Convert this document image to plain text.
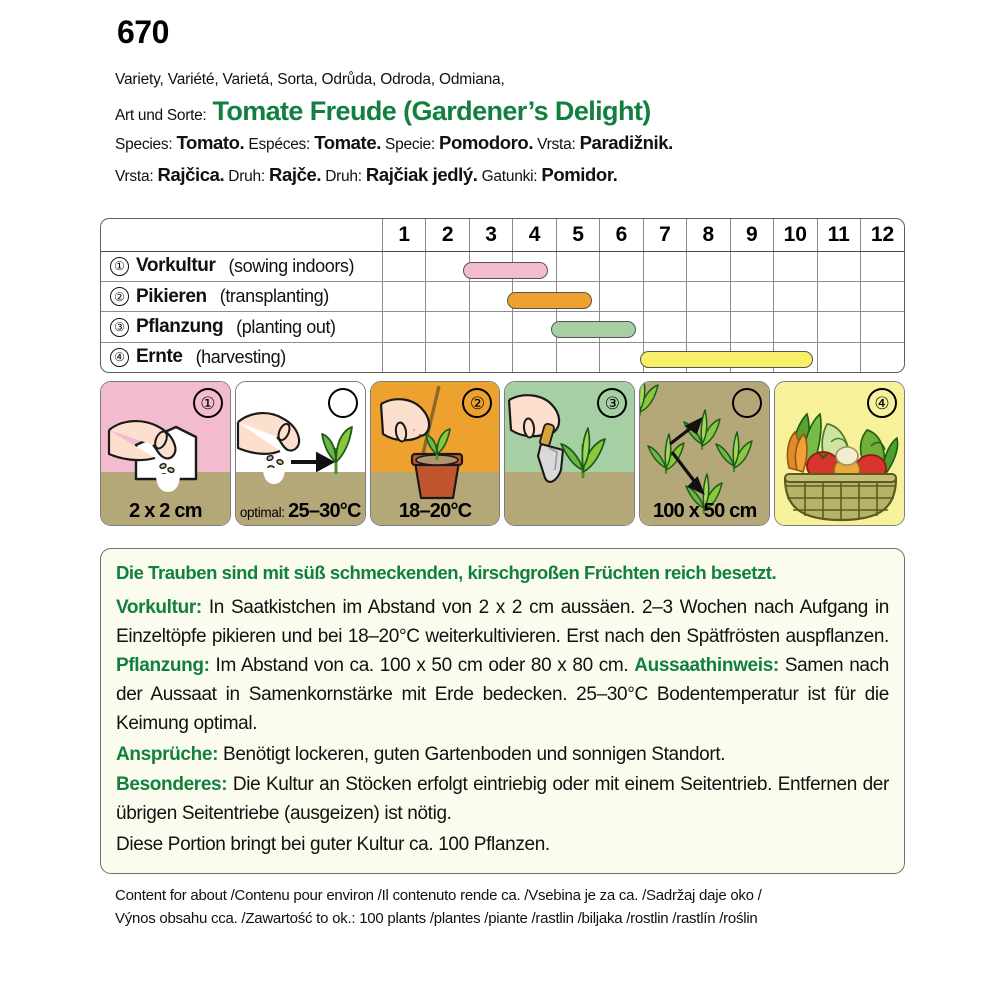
670
Variety, Variété, Varietá, Sorta, Odrůda, Odroda, Odmiana,
Art und Sorte: Tomate Freude (Gardener’s Delight)
Species: Tomato. Espéces: Tomate. Specie: Pomodoro. Vrsta: Paradižnik.
Vrsta: Rajčica. Druh: Rajče. Druh: Rajčiak jedlý. Gatunki: Pomidor.
	1	2	3	4	5	6	7	8	9	10	11	12

① Vorkultur (sowing indoors)												

② Pikieren (transplanting)												

③ Pflanzung (planting out)												

④ Ernte (harvesting)												

①
2 x 2 cm	optimal: 25–30°C
②
18–20°C
③
100 x 50 cm
④
Die Trauben sind mit süß schmeckenden, kirschgroßen Früchten reich besetzt.
Vorkultur: In Saatkistchen im Abstand von 2 x 2 cm aussäen. 2–3 Wochen nach Aufgang in Einzeltöpfe pikieren und bei 18–20°C weiterkultivieren. Erst nach den Spätfrösten auspflanzen. Pflanzung: Im Abstand von ca. 100 x 50 cm oder 80 x 80 cm. Aussaathinweis: Samen nach der Aussaat in Samenkornstärke mit Erde bedecken. 25–30°C Bodentemperatur ist für die Keimung optimal.
Ansprüche: Benötigt lockeren, guten Gartenboden und sonnigen Standort.
Besonderes: Die Kultur an Stöcken erfolgt eintriebig oder mit einem Seitentrieb. Entfernen der übrigen Seitentriebe (ausgeizen) ist nötig.
Diese Portion bringt bei guter Kultur ca. 100 Pflanzen.
Content for about /Contenu pour environ /Il contenuto rende ca. /Vsebina je za ca. /Sadržaj daje oko /
Výnos obsahu cca. /Zawartość to ok.: 100 plants /plantes /piante /rastlin /biljaka /rostlin /rastlín /roślin
